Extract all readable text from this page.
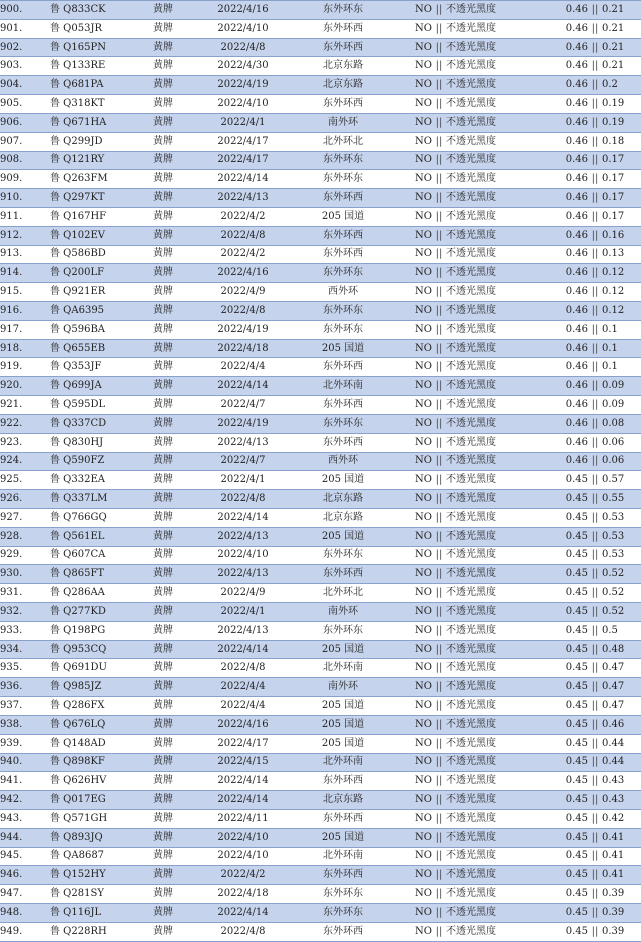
900.	鲁 Q833CK	黄牌	2022/4/16	东外环东	NO	||	不透光黑度	0.46	||	0.21
901.	鲁 Q053JR	黄牌	2022/4/10	东外环西	NO	||	不透光黑度	0.46	||	0.21
902.	鲁 Q165PN	黄牌	2022/4/8	东外环西	NO	||	不透光黑度	0.46	||	0.21
903.	鲁 Q133RE	黄牌	2022/4/30	北京东路	NO	||	不透光黑度	0.46	||	0.21
904.	鲁 Q681PA	黄牌	2022/4/19	北京东路	NO	||	不透光黑度	0.46	||	0.2
905.	鲁 Q318KT	黄牌	2022/4/10	东外环西	NO	||	不透光黑度	0.46	||	0.19
906.	鲁 Q671HA	黄牌	2022/4/1	南外环	NO	||	不透光黑度	0.46	||	0.19
907.	鲁 Q299JD	黄牌	2022/4/17	北外环北	NO	||	不透光黑度	0.46	||	0.18
908.	鲁 Q121RY	黄牌	2022/4/17	东外环东	NO	||	不透光黑度	0.46	||	0.17
909.	鲁 Q263FM	黄牌	2022/4/14	东外环东	NO	||	不透光黑度	0.46	||	0.17
910.	鲁 Q297KT	黄牌	2022/4/13	东外环西	NO	||	不透光黑度	0.46	||	0.17
911.	鲁 Q167HF	黄牌	2022/4/2	205 国道	NO	||	不透光黑度	0.46	||	0.17
912.	鲁 Q102EV	黄牌	2022/4/8	东外环西	NO	||	不透光黑度	0.46	||	0.16
913.	鲁 Q586BD	黄牌	2022/4/2	东外环西	NO	||	不透光黑度	0.46	||	0.13
914.	鲁 Q200LF	黄牌	2022/4/16	东外环东	NO	||	不透光黑度	0.46	||	0.12
915.	鲁 Q921ER	黄牌	2022/4/9	西外环	NO	||	不透光黑度	0.46	||	0.12
916.	鲁 QA6395	黄牌	2022/4/8	东外环东	NO	||	不透光黑度	0.46	||	0.12
917.	鲁 Q596BA	黄牌	2022/4/19	东外环东	NO	||	不透光黑度	0.46	||	0.1
918.	鲁 Q655EB	黄牌	2022/4/18	205 国道	NO	||	不透光黑度	0.46	||	0.1
919.	鲁 Q353JF	黄牌	2022/4/4	东外环西	NO	||	不透光黑度	0.46	||	0.1
920.	鲁 Q699JA	黄牌	2022/4/14	北外环南	NO	||	不透光黑度	0.46	||	0.09
921.	鲁 Q595DL	黄牌	2022/4/7	东外环西	NO	||	不透光黑度	0.46	||	0.09
922.	鲁 Q337CD	黄牌	2022/4/19	东外环东	NO	||	不透光黑度	0.46	||	0.08
923.	鲁 Q830HJ	黄牌	2022/4/13	东外环西	NO	||	不透光黑度	0.46	||	0.06
924.	鲁 Q590FZ	黄牌	2022/4/7	西外环	NO	||	不透光黑度	0.46	||	0.06
925.	鲁 Q332EA	黄牌	2022/4/1	205 国道	NO	||	不透光黑度	0.45	||	0.57
926.	鲁 Q337LM	黄牌	2022/4/8	北京东路	NO	||	不透光黑度	0.45	||	0.55
927.	鲁 Q766GQ	黄牌	2022/4/14	北京东路	NO	||	不透光黑度	0.45	||	0.53
928.	鲁 Q561EL	黄牌	2022/4/13	205 国道	NO	||	不透光黑度	0.45	||	0.53
929.	鲁 Q607CA	黄牌	2022/4/10	东外环东	NO	||	不透光黑度	0.45	||	0.53
930.	鲁 Q865FT	黄牌	2022/4/13	东外环西	NO	||	不透光黑度	0.45	||	0.52
931.	鲁 Q286AA	黄牌	2022/4/9	北外环北	NO	||	不透光黑度	0.45	||	0.52
932.	鲁 Q277KD	黄牌	2022/4/1	南外环	NO	||	不透光黑度	0.45	||	0.52
933.	鲁 Q198PG	黄牌	2022/4/13	东外环东	NO	||	不透光黑度	0.45	||	0.5
934.	鲁 Q953CQ	黄牌	2022/4/14	205 国道	NO	||	不透光黑度	0.45	||	0.48
935.	鲁 Q691DU	黄牌	2022/4/8	北外环南	NO	||	不透光黑度	0.45	||	0.47
936.	鲁 Q985JZ	黄牌	2022/4/4	南外环	NO	||	不透光黑度	0.45	||	0.47
937.	鲁 Q286FX	黄牌	2022/4/4	205 国道	NO	||	不透光黑度	0.45	||	0.47
938.	鲁 Q676LQ	黄牌	2022/4/16	205 国道	NO	||	不透光黑度	0.45	||	0.46
939.	鲁 Q148AD	黄牌	2022/4/17	205 国道	NO	||	不透光黑度	0.45	||	0.44
940.	鲁 Q898KF	黄牌	2022/4/15	北外环南	NO	||	不透光黑度	0.45	||	0.44
941.	鲁 Q626HV	黄牌	2022/4/14	东外环西	NO	||	不透光黑度	0.45	||	0.43
942.	鲁 Q017EG	黄牌	2022/4/14	北京东路	NO	||	不透光黑度	0.45	||	0.43
943.	鲁 Q571GH	黄牌	2022/4/11	东外环西	NO	||	不透光黑度	0.45	||	0.42
944.	鲁 Q893JQ	黄牌	2022/4/10	205 国道	NO	||	不透光黑度	0.45	||	0.41
945.	鲁 QA8687	黄牌	2022/4/10	北外环南	NO	||	不透光黑度	0.45	||	0.41
946.	鲁 Q152HY	黄牌	2022/4/2	东外环西	NO	||	不透光黑度	0.45	||	0.41
947.	鲁 Q281SY	黄牌	2022/4/18	东外环东	NO	||	不透光黑度	0.45	||	0.39
948.	鲁 Q116JL	黄牌	2022/4/14	东外环东	NO	||	不透光黑度	0.45	||	0.39
949.	鲁 Q228RH	黄牌	2022/4/8	东外环西	NO	||	不透光黑度	0.45	||	0.39
